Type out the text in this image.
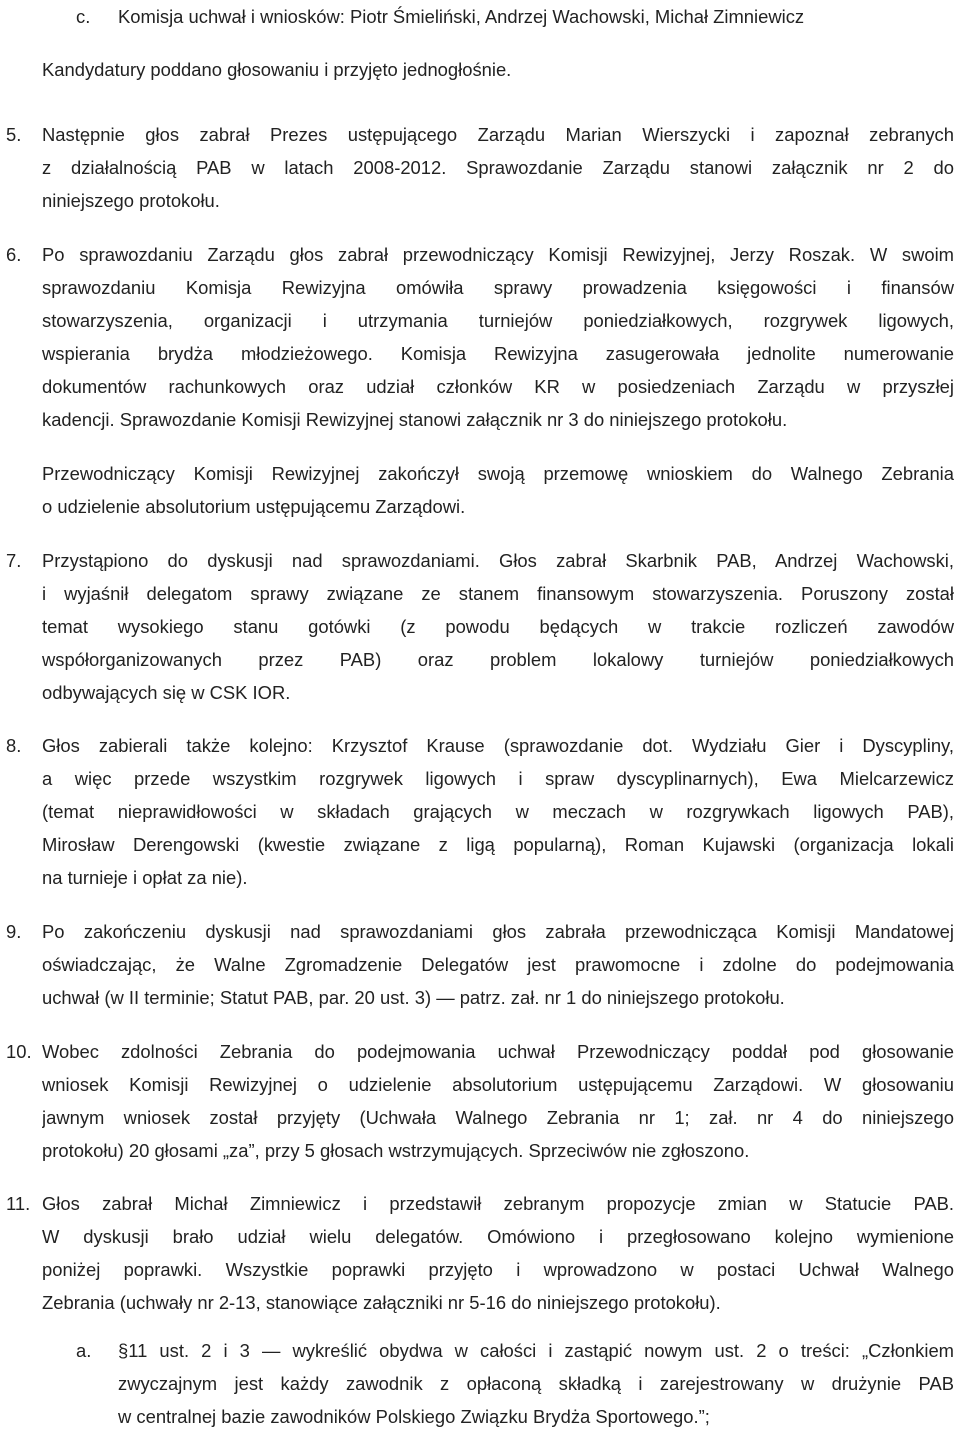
c. Komisja uchwał i wniosków: Piotr Śmieliński, Andrzej Wachowski, Michał Zimniewicz
Kandydatury poddano głosowaniu i przyjęto jednogłośnie.
5. Następnie głos zabrał Prezes ustępującego Zarządu Marian Wierszycki i zapoznał zebranych
z działalnością PAB w latach 2008-2012. Sprawozdanie Zarządu stanowi załącznik nr 2 do
niniejszego protokołu.
6. Po sprawozdaniu Zarządu głos zabrał przewodniczący Komisji Rewizyjnej, Jerzy Roszak. W swoim
sprawozdaniu Komisja Rewizyjna omówiła sprawy prowadzenia księgowości i finansów
stowarzyszenia, organizacji i utrzymania turniejów poniedziałkowych, rozgrywek ligowych,
wspierania brydża młodzieżowego. Komisja Rewizyjna zasugerowała jednolite numerowanie
dokumentów rachunkowych oraz udział członków KR w posiedzeniach Zarządu w przyszłej
kadencji. Sprawozdanie Komisji Rewizyjnej stanowi załącznik nr 3 do niniejszego protokołu.
Przewodniczący Komisji Rewizyjnej zakończył swoją przemowę wnioskiem do Walnego Zebrania
o udzielenie absolutorium ustępującemu Zarządowi.
7. Przystąpiono do dyskusji nad sprawozdaniami. Głos zabrał Skarbnik PAB, Andrzej Wachowski,
i wyjaśnił delegatom sprawy związane ze stanem finansowym stowarzyszenia. Poruszony został
temat wysokiego stanu gotówki (z powodu będących w trakcie rozliczeń zawodów
współorganizowanych przez PAB) oraz problem lokalowy turniejów poniedziałkowych
odbywających się w CSK IOR.
8. Głos zabierali także kolejno: Krzysztof Krause (sprawozdanie dot. Wydziału Gier i Dyscypliny,
a więc przede wszystkim rozgrywek ligowych i spraw dyscyplinarnych), Ewa Mielcarzewicz
(temat nieprawidłowości w składach grających w meczach w rozgrywkach ligowych PAB),
Mirosław Derengowski (kwestie związane z ligą popularną), Roman Kujawski (organizacja lokali
na turnieje i opłat za nie).
9. Po zakończeniu dyskusji nad sprawozdaniami głos zabrała przewodnicząca Komisji Mandatowej
oświadczając, że Walne Zgromadzenie Delegatów jest prawomocne i zdolne do podejmowania
uchwał (w II terminie; Statut PAB, par. 20 ust. 3) — patrz. zał. nr 1 do niniejszego protokołu.
10. Wobec zdolności Zebrania do podejmowania uchwał Przewodniczący poddał pod głosowanie
wniosek Komisji Rewizyjnej o udzielenie absolutorium ustępującemu Zarządowi. W głosowaniu
jawnym wniosek został przyjęty (Uchwała Walnego Zebrania nr 1; zał. nr 4 do niniejszego
protokołu) 20 głosami „za”, przy 5 głosach wstrzymujących. Sprzeciwów nie zgłoszono.
11. Głos zabrał Michał Zimniewicz i przedstawił zebranym propozycje zmian w Statucie PAB.
W dyskusji brało udział wielu delegatów. Omówiono i przegłosowano kolejno wymienione
poniżej poprawki. Wszystkie poprawki przyjęto i wprowadzono w postaci Uchwał Walnego
Zebrania (uchwały nr 2-13, stanowiące załączniki nr 5-16 do niniejszego protokołu).
a. §11 ust. 2 i 3 — wykreślić obydwa w całości i zastąpić nowym ust. 2 o treści: „Członkiem
zwyczajnym jest każdy zawodnik z opłaconą składką i zarejestrowany w drużynie PAB
w centralnej bazie zawodników Polskiego Związku Brydża Sportowego.”;
